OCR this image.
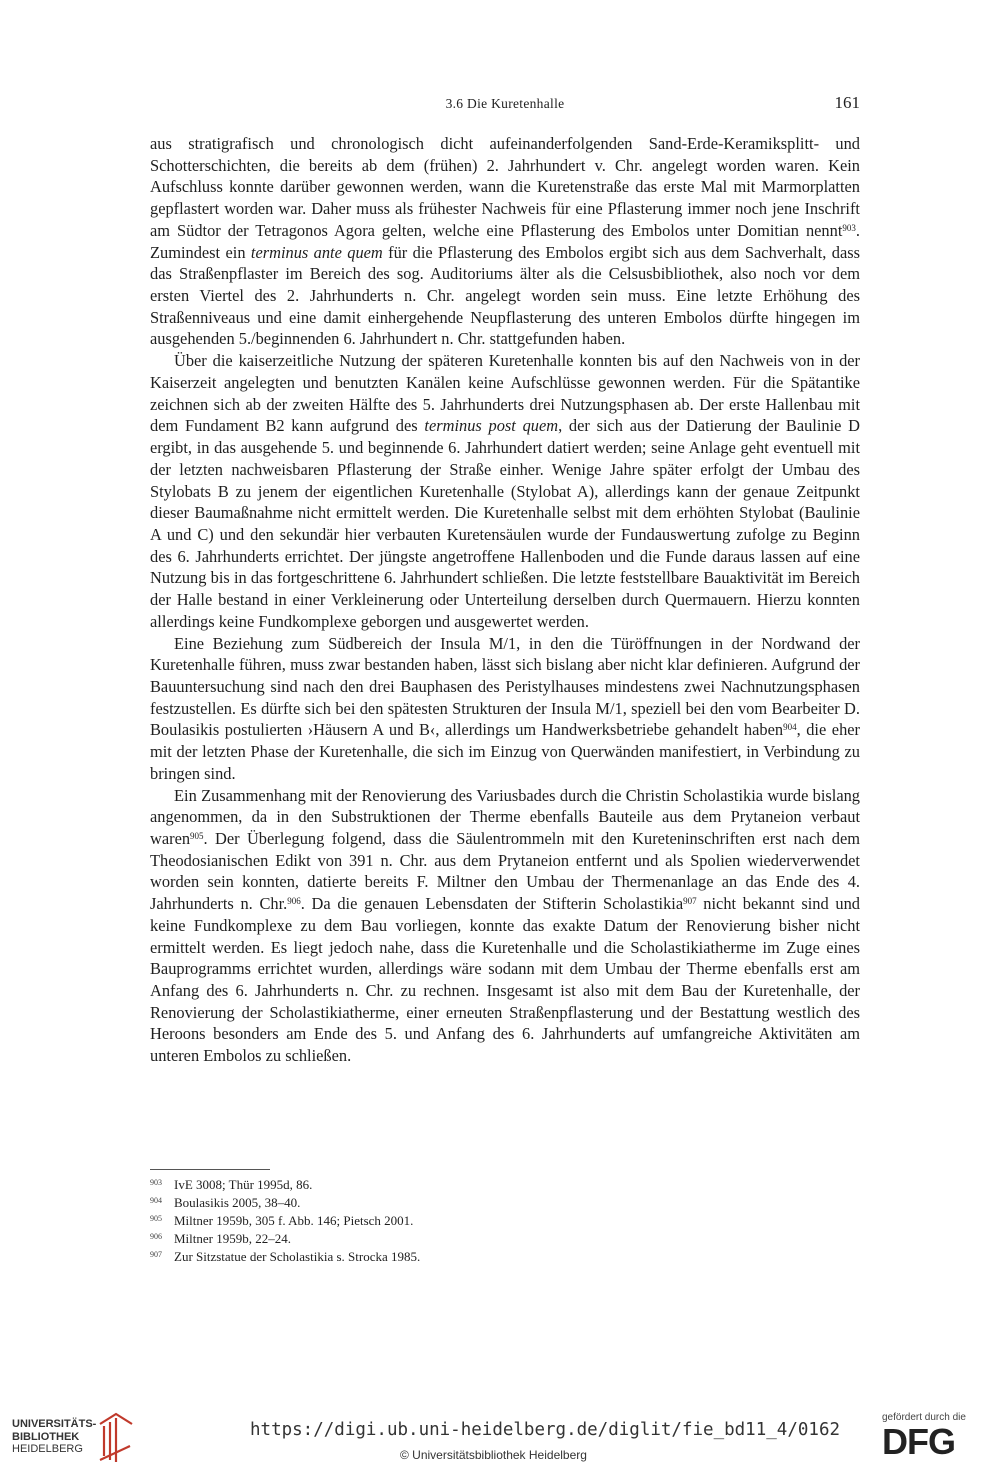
3.6 Die Kuretenhalle	161

aus stratigrafisch und chronologisch dicht aufeinanderfolgenden Sand-Erde-Keramiksplitt- und Schotterschichten, die bereits ab dem (frühen) 2. Jahrhundert v. Chr. angelegt worden waren. Kein Aufschluss konnte darüber gewonnen werden, wann die Kuretenstraße das erste Mal mit Marmorplatten gepflastert worden war. Daher muss als frühester Nachweis für eine Pflasterung immer noch jene Inschrift am Südtor der Tetragonos Agora gelten, welche eine Pflasterung des Embolos unter Domitian nennt$^{903}$. Zumindest ein terminus ante quem für die Pflasterung des Embolos ergibt sich aus dem Sachverhalt, dass das Straßenpflaster im Bereich des sog. Auditoriums älter als die Celsusbibliothek, also noch vor dem ersten Viertel des 2. Jahrhunderts n. Chr. angelegt worden sein muss. Eine letzte Erhöhung des Straßenniveaus und eine damit einhergehende Neupflasterung des unteren Embolos dürfte hingegen im ausgehenden 5./beginnenden 6. Jahrhundert n. Chr. stattgefunden haben.

Über die kaiserzeitliche Nutzung der späteren Kuretenhalle konnten bis auf den Nachweis von in der Kaiserzeit angelegten und benutzten Kanälen keine Aufschlüsse gewonnen werden. Für die Spätantike zeichnen sich ab der zweiten Hälfte des 5. Jahrhunderts drei Nutzungsphasen ab. Der erste Hallenbau mit dem Fundament B2 kann aufgrund des terminus post quem, der sich aus der Datierung der Baulinie D ergibt, in das ausgehende 5. und beginnende 6. Jahrhundert datiert werden; seine Anlage geht eventuell mit der letzten nachweisbaren Pflasterung der Straße einher. Wenige Jahre später erfolgt der Umbau des Stylobats B zu jenem der eigentlichen Kuretenhalle (Stylobat A), allerdings kann der genaue Zeitpunkt dieser Baumaßnahme nicht ermittelt werden. Die Kuretenhalle selbst mit dem erhöhten Stylobat (Baulinie A und C) und den sekundär hier verbauten Kuretensäulen wurde der Fundauswertung zufolge zu Beginn des 6. Jahrhunderts errichtet. Der jüngste angetroffene Hallenboden und die Funde daraus lassen auf eine Nutzung bis in das fortgeschrittene 6. Jahrhundert schließen. Die letzte feststellbare Bauaktivität im Bereich der Halle bestand in einer Verkleinerung oder Unterteilung derselben durch Quermauern. Hierzu konnten allerdings keine Fundkomplexe geborgen und ausgewertet werden.

Eine Beziehung zum Südbereich der Insula M/1, in den die Türöffnungen in der Nordwand der Kuretenhalle führen, muss zwar bestanden haben, lässt sich bislang aber nicht klar definieren. Aufgrund der Bauuntersuchung sind nach den drei Bauphasen des Peristylhauses mindestens zwei Nachnutzungsphasen festzustellen. Es dürfte sich bei den spätesten Strukturen der Insula M/1, speziell bei den vom Bearbeiter D. Boulasikis postulierten ›Häusern A und B‹, allerdings um Handwerksbetriebe gehandelt haben$^{904}$, die eher mit der letzten Phase der Kuretenhalle, die sich im Einzug von Querwänden manifestiert, in Verbindung zu bringen sind.

Ein Zusammenhang mit der Renovierung des Variusbades durch die Christin Scholastikia wurde bislang angenommen, da in den Substruktionen der Therme ebenfalls Bauteile aus dem Prytaneion verbaut waren$^{905}$. Der Überlegung folgend, dass die Säulentrommeln mit den Kureteninschriften erst nach dem Theodosianischen Edikt von 391 n. Chr. aus dem Prytaneion entfernt und als Spolien wiederverwendet worden sein konnten, datierte bereits F. Miltner den Umbau der Thermenanlage an das Ende des 4. Jahrhunderts n. Chr.$^{906}$. Da die genauen Lebensdaten der Stifterin Scholastikia$^{907}$ nicht bekannt sind und keine Fundkomplexe zu dem Bau vorliegen, konnte das exakte Datum der Renovierung bisher nicht ermittelt werden. Es liegt jedoch nahe, dass die Kuretenhalle und die Scholastikiatherme im Zuge eines Bauprogramms errichtet wurden, allerdings wäre sodann mit dem Umbau der Therme ebenfalls erst am Anfang des 6. Jahrhunderts n. Chr. zu rechnen. Insgesamt ist also mit dem Bau der Kuretenhalle, der Renovierung der Scholastikiatherme, einer erneuten Straßenpflasterung und der Bestattung westlich des Heroons besonders am Ende des 5. und Anfang des 6. Jahrhunderts auf umfangreiche Aktivitäten am unteren Embolos zu schließen.

903 IvE 3008; Thür 1995d, 86.
904 Boulasikis 2005, 38–40.
905 Miltner 1959b, 305 f. Abb. 146; Pietsch 2001.
906 Miltner 1959b, 22–24.
907 Zur Sitzstatue der Scholastikia s. Strocka 1985.
UNIVERSITÄTS-
BIBLIOTHEK
HEIDELBERG
https://digi.ub.uni-heidelberg.de/diglit/fie_bd11_4/0162
© Universitätsbibliothek Heidelberg
gefördert durch die
DFG
